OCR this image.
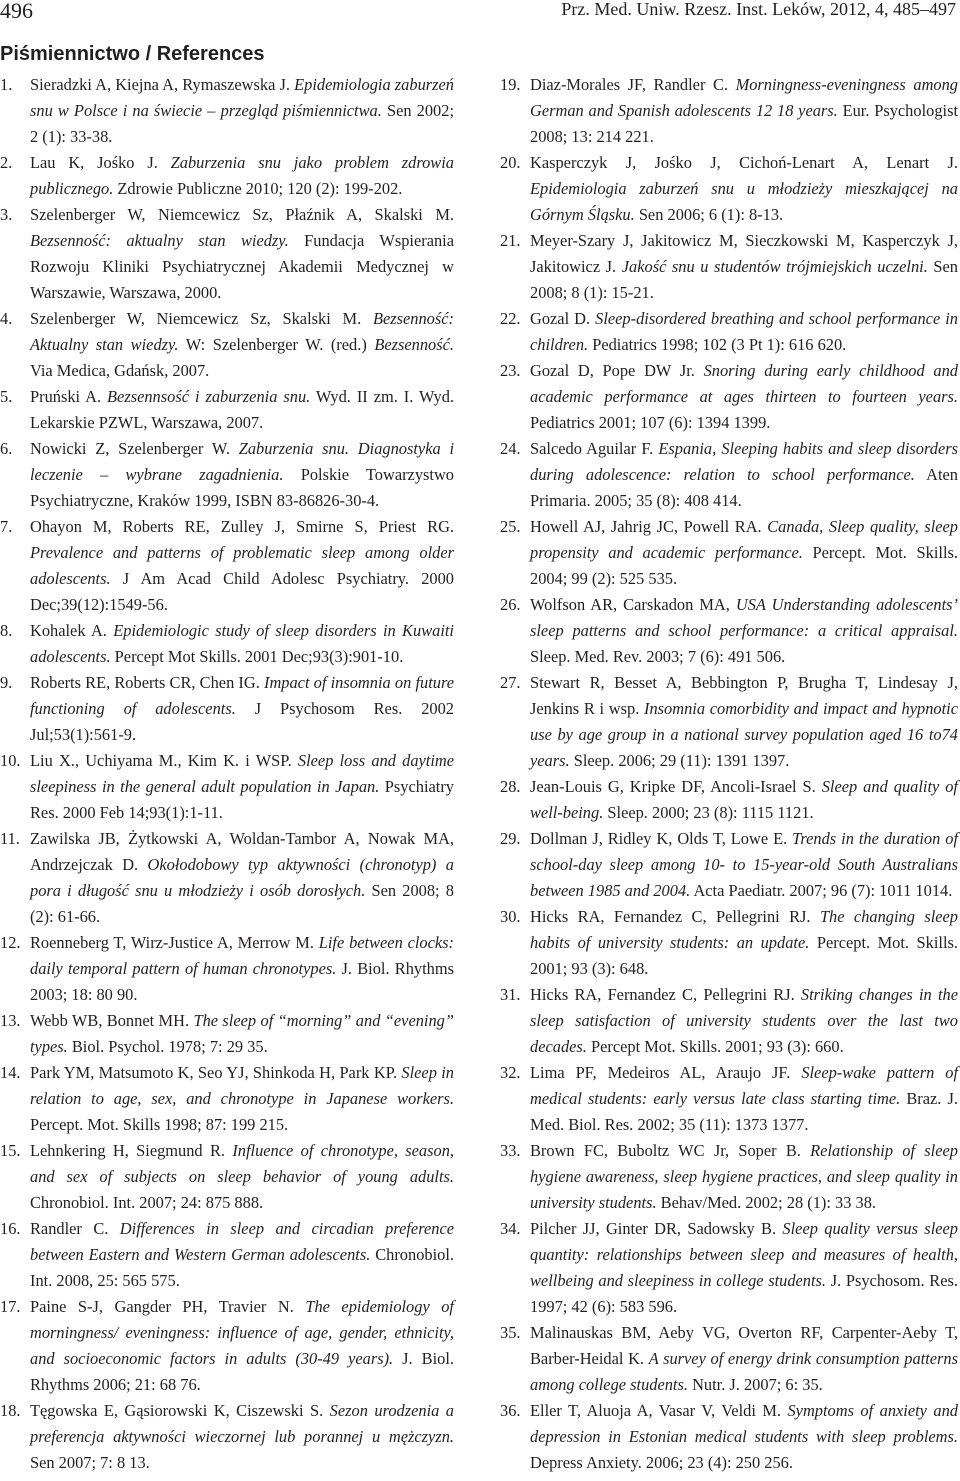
496	Prz. Med. Uniw. Rzesz. Inst. Leków, 2012, 4, 485–497
Piśmiennictwo / References
1. Sieradzki A, Kiejna A, Rymaszewska J. Epidemiologia zaburzeń snu w Polsce i na świecie – przegląd piśmiennictwa. Sen 2002; 2 (1): 33-38.
2. Lau K, Jośko J. Zaburzenia snu jako problem zdrowia publicznego. Zdrowie Publiczne 2010; 120 (2): 199-202.
3. Szelenberger W, Niemcewicz Sz, Płaźnik A, Skalski M. Bezsenność: aktualny stan wiedzy. Fundacja Wspierania Rozwoju Kliniki Psychiatrycznej Akademii Medycznej w Warszawie, Warszawa, 2000.
4. Szelenberger W, Niemcewicz Sz, Skalski M. Bezsenność: Aktualny stan wiedzy. W: Szelenberger W. (red.) Bezsenność. Via Medica, Gdańsk, 2007.
5. Pruński A. Bezsennsość i zaburzenia snu. Wyd. II zm. I. Wyd. Lekarskie PZWL, Warszawa, 2007.
6. Nowicki Z, Szelenberger W. Zaburzenia snu. Diagnostyka i leczenie – wybrane zagadnienia. Polskie Towarzystwo Psychiatryczne, Kraków 1999, ISBN 83-86826-30-4.
7. Ohayon M, Roberts RE, Zulley J, Smirne S, Priest RG. Prevalence and patterns of problematic sleep among older adolescents. J Am Acad Child Adolesc Psychiatry. 2000 Dec;39(12):1549-56.
8. Kohalek A. Epidemiologic study of sleep disorders in Kuwaiti adolescents. Percept Mot Skills. 2001 Dec;93(3):901-10.
9. Roberts RE, Roberts CR, Chen IG. Impact of insomnia on future functioning of adolescents. J Psychosom Res. 2002 Jul;53(1):561-9.
10. Liu X., Uchiyama M., Kim K. i WSP. Sleep loss and daytime sleepiness in the general adult population in Japan. Psychiatry Res. 2000 Feb 14;93(1):1-11.
11. Zawilska JB, Żytkowski A, Woldan-Tambor A, Nowak MA, Andrzejczak D. Okołodobowy typ aktywności (chronotyp) a pora i długość snu u młodzieży i osób dorosłych. Sen 2008; 8 (2): 61-66.
12. Roenneberg T, Wirz-Justice A, Merrow M. Life between clocks: daily temporal pattern of human chronotypes. J. Biol. Rhythms 2003; 18: 80 90.
13. Webb WB, Bonnet MH. The sleep of “morning” and “evening” types. Biol. Psychol. 1978; 7: 29 35.
14. Park YM, Matsumoto K, Seo YJ, Shinkoda H, Park KP. Sleep in relation to age, sex, and chronotype in Japanese workers. Percept. Mot. Skills 1998; 87: 199 215.
15. Lehnkering H, Siegmund R. Influence of chronotype, season, and sex of subjects on sleep behavior of young adults. Chronobiol. Int. 2007; 24: 875 888.
16. Randler C. Differences in sleep and circadian preference between Eastern and Western German adolescents. Chronobiol. Int. 2008, 25: 565 575.
17. Paine S-J, Gangder PH, Travier N. The epidemiology of morningness/ eveningness: influence of age, gender, ethnicity, and socioeconomic factors in adults (30-49 years). J. Biol. Rhythms 2006; 21: 68 76.
18. Tęgowska E, Gąsiorowski K, Ciszewski S. Sezon urodzenia a preferencja aktywności wieczornej lub porannej u mężczyzn. Sen 2007; 7: 8 13.
19. Diaz-Morales JF, Randler C. Morningness-eveningness among German and Spanish adolescents 12 18 years. Eur. Psychologist 2008; 13: 214 221.
20. Kasperczyk J, Jośko J, Cichoń-Lenart A, Lenart J. Epidemiologia zaburzeń snu u młodzieży mieszkającej na Górnym Śląsku. Sen 2006; 6 (1): 8-13.
21. Meyer-Szary J, Jakitowicz M, Sieczkowski M, Kasperczyk J, Jakitowicz J. Jakość snu u studentów trójmiejskich uczelni. Sen 2008; 8 (1): 15-21.
22. Gozal D. Sleep-disordered breathing and school performance in children. Pediatrics 1998; 102 (3 Pt 1): 616 620.
23. Gozal D, Pope DW Jr. Snoring during early childhood and academic performance at ages thirteen to fourteen years. Pediatrics 2001; 107 (6): 1394 1399.
24. Salcedo Aguilar F. Espania, Sleeping habits and sleep disorders during adolescence: relation to school performance. Aten Primaria. 2005; 35 (8): 408 414.
25. Howell AJ, Jahrig JC, Powell RA. Canada, Sleep quality, sleep propensity and academic performance. Percept. Mot. Skills. 2004; 99 (2): 525 535.
26. Wolfson AR, Carskadon MA, USA Understanding adolescents’ sleep patterns and school performance: a critical appraisal. Sleep. Med. Rev. 2003; 7 (6): 491 506.
27. Stewart R, Besset A, Bebbington P, Brugha T, Lindesay J, Jenkins R i wsp. Insomnia comorbidity and impact and hypnotic use by age group in a national survey population aged 16 to74 years. Sleep. 2006; 29 (11): 1391 1397.
28. Jean-Louis G, Kripke DF, Ancoli-Israel S. Sleep and quality of well-being. Sleep. 2000; 23 (8): 1115 1121.
29. Dollman J, Ridley K, Olds T, Lowe E. Trends in the duration of school-day sleep among 10- to 15-year-old South Australians between 1985 and 2004. Acta Paediatr. 2007; 96 (7): 1011 1014.
30. Hicks RA, Fernandez C, Pellegrini RJ. The changing sleep habits of university students: an update. Percept. Mot. Skills. 2001; 93 (3): 648.
31. Hicks RA, Fernandez C, Pellegrini RJ. Striking changes in the sleep satisfaction of university students over the last two decades. Percept Mot. Skills. 2001; 93 (3): 660.
32. Lima PF, Medeiros AL, Araujo JF. Sleep-wake pattern of medical students: early versus late class starting time. Braz. J. Med. Biol. Res. 2002; 35 (11): 1373 1377.
33. Brown FC, Buboltz WC Jr, Soper B. Relationship of sleep hygiene awareness, sleep hygiene practices, and sleep quality in university students. Behav/Med. 2002; 28 (1): 33 38.
34. Pilcher JJ, Ginter DR, Sadowsky B. Sleep quality versus sleep quantity: relationships between sleep and measures of health, wellbeing and sleepiness in college students. J. Psychosom. Res. 1997; 42 (6): 583 596.
35. Malinauskas BM, Aeby VG, Overton RF, Carpenter-Aeby T, Barber-Heidal K. A survey of energy drink consumption patterns among college students. Nutr. J. 2007; 6: 35.
36. Eller T, Aluoja A, Vasar V, Veldi M. Symptoms of anxiety and depression in Estonian medical students with sleep problems. Depress Anxiety. 2006; 23 (4): 250 256.
